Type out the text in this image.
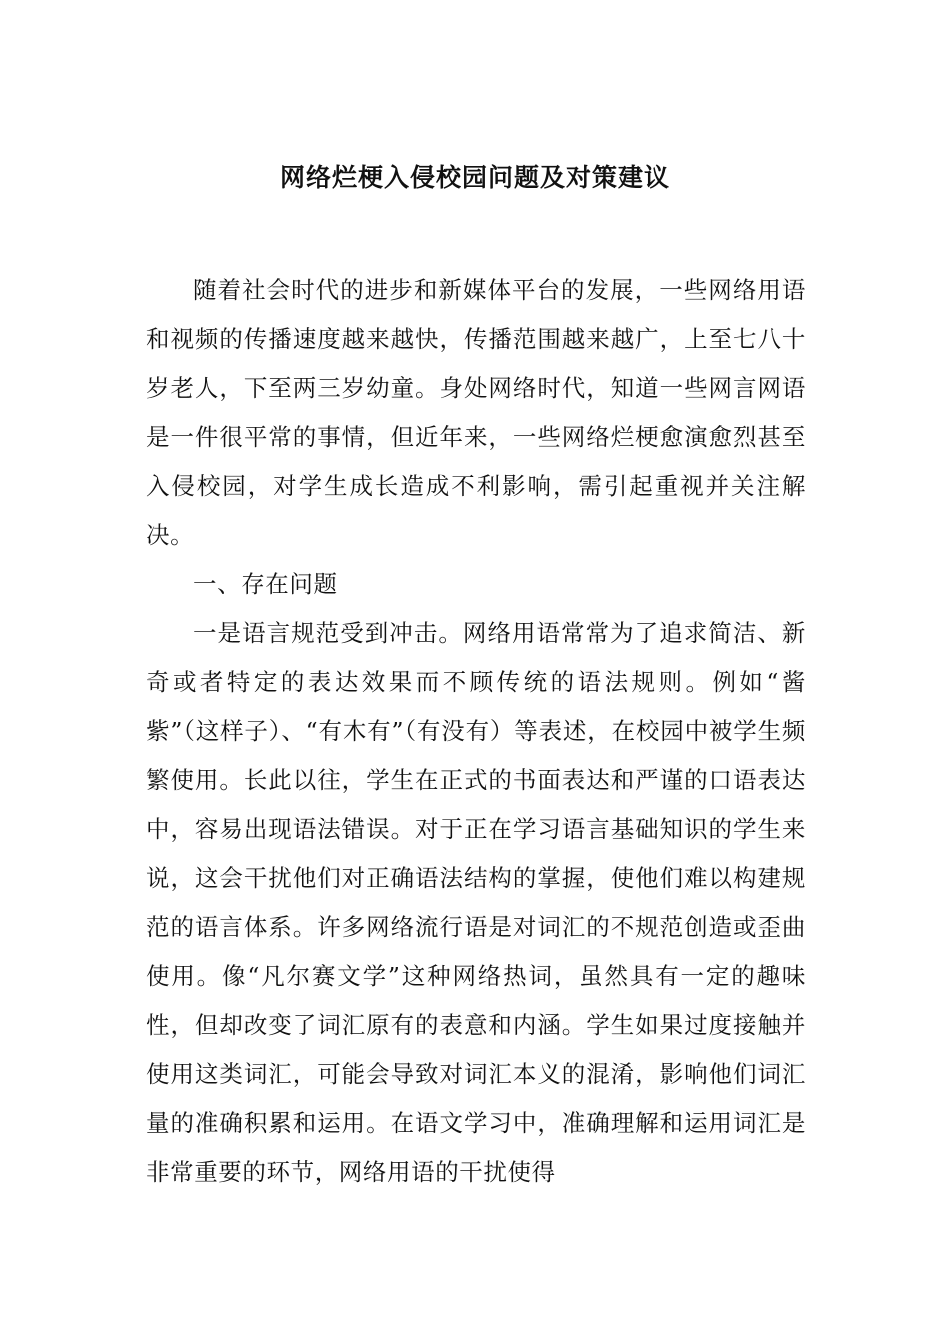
网络烂梗入侵校园问题及对策建议

随着社会时代的进步和新媒体平台的发展，一些网络用语和视频的传播速度越来越快，传播范围越来越广，上至七八十岁老人，下至两三岁幼童。身处网络时代，知道一些网言网语是一件很平常的事情，但近年来，一些网络烂梗愈演愈烈甚至入侵校园，对学生成长造成不利影响，需引起重视并关注解决。

一、存在问题

一是语言规范受到冲击。网络用语常常为了追求简洁、新奇或者特定的表达效果而不顾传统的语法规则。例如“酱紫”（这样子）、“有木有”（有没有）等表述，在校园中被学生频繁使用。长此以往，学生在正式的书面表达和严谨的口语表达中，容易出现语法错误。对于正在学习语言基础知识的学生来说，这会干扰他们对正确语法结构的掌握，使他们难以构建规范的语言体系。许多网络流行语是对词汇的不规范创造或歪曲使用。像“凡尔赛文学”这种网络热词，虽然具有一定的趣味性，但却改变了词汇原有的表意和内涵。学生如果过度接触并使用这类词汇，可能会导致对词汇本义的混淆，影响他们词汇量的准确积累和运用。在语文学习中，准确理解和运用词汇是非常重要的环节，网络用语的干扰使得
